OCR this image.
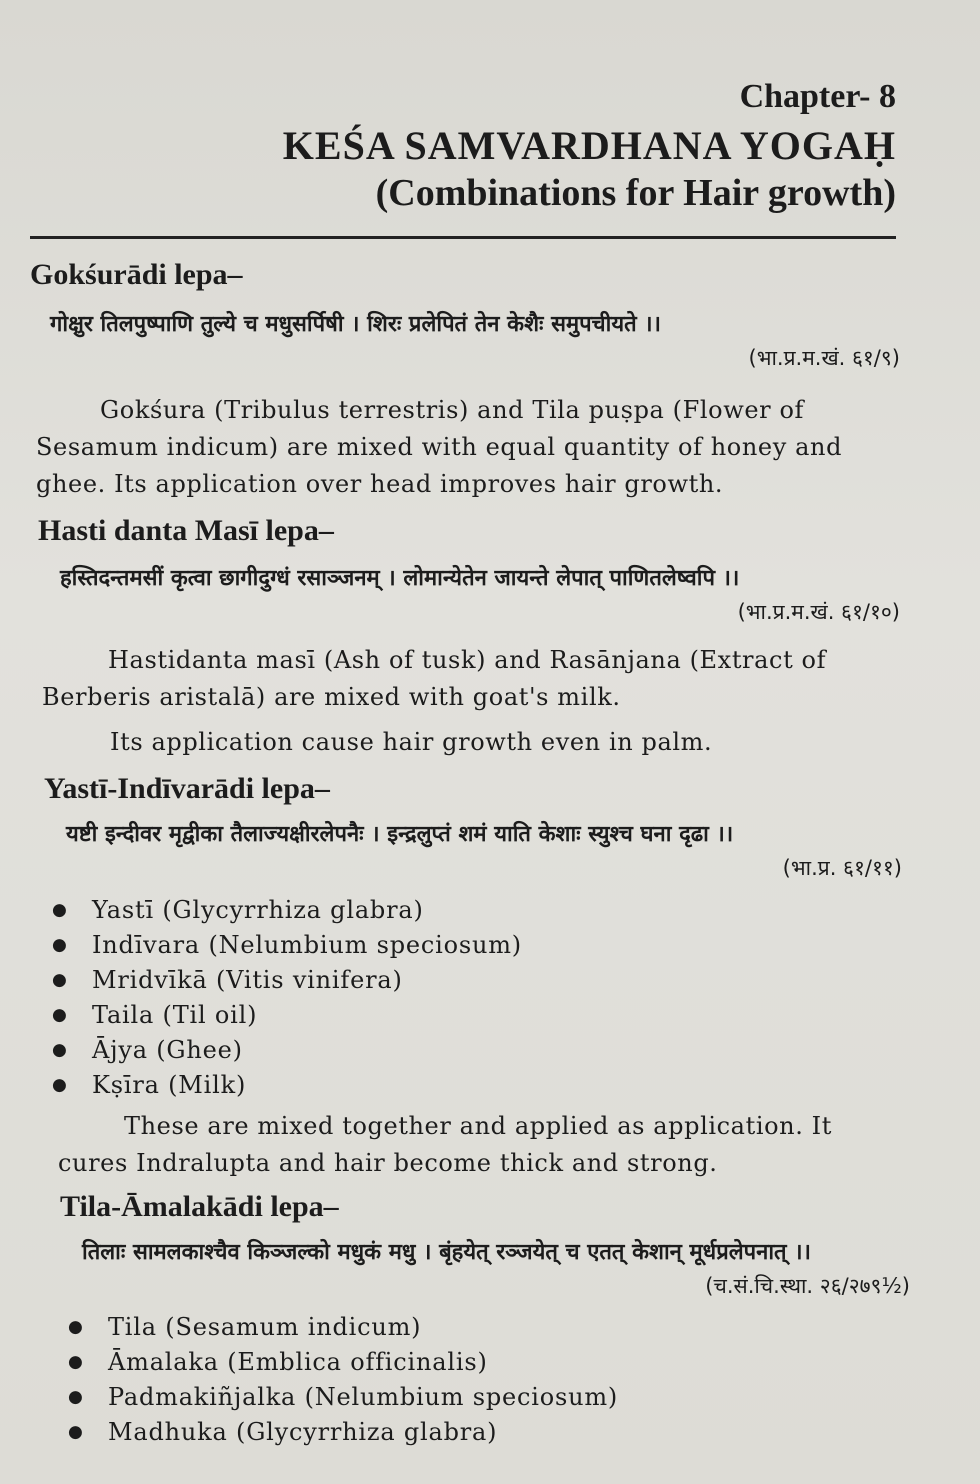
Chapter- 8
KEŚA SAMVARDHANA YOGAḤ
(Combinations for Hair growth)
Gokśurādi lepa–
गोक्षुर तिलपुष्पाणि तुल्ये च मधुसर्पिषी । शिरः प्रलेपितं तेन केशैः समुपचीयते ।।
(भा.प्र.म.खं. ६१/९)
Gokśura (Tribulus terrestris) and Tila puṣpa (Flower of Sesamum indicum) are mixed with equal quantity of honey and ghee. Its application over head improves hair growth.
Hasti danta Masī lepa–
हस्तिदन्तमसीं कृत्वा छागीदुग्धं रसाञ्जनम् । लोमान्येतेन जायन्ते लेपात् पाणितलेष्वपि ।।
(भा.प्र.म.खं. ६१/१०)
Hastidanta masī (Ash of tusk) and Rasānjana (Extract of Berberis aristalā) are mixed with goat's milk.
Its application cause hair growth even in palm.
Yastī-Indīvarādi lepa–
यष्टी इन्दीवर मृद्वीका तैलाज्यक्षीरलेपनैः । इन्द्रलुप्तं शमं याति केशाः स्युश्च घना दृढा ।।
(भा.प्र. ६१/११)
● Yastī (Glycyrrhiza glabra)
● Indīvara (Nelumbium speciosum)
● Mridvīkā (Vitis vinifera)
● Taila (Til oil)
● Ājya (Ghee)
● Kṣīra (Milk)
These are mixed together and applied as application. It cures Indralupta and hair become thick and strong.
Tila-Āmalakādi lepa–
तिलाः सामलकाश्चैव किञ्जल्को मधुकं मधु । बृंहयेत् रञ्जयेत् च एतत् केशान् मूर्धप्रलेपनात् ।।
(च.सं.चि.स्था. २६/२७९½)
● Tila (Sesamum indicum)
● Āmalaka (Emblica officinalis)
● Padmakiñjalka (Nelumbium speciosum)
● Madhuka (Glycyrrhiza glabra)
